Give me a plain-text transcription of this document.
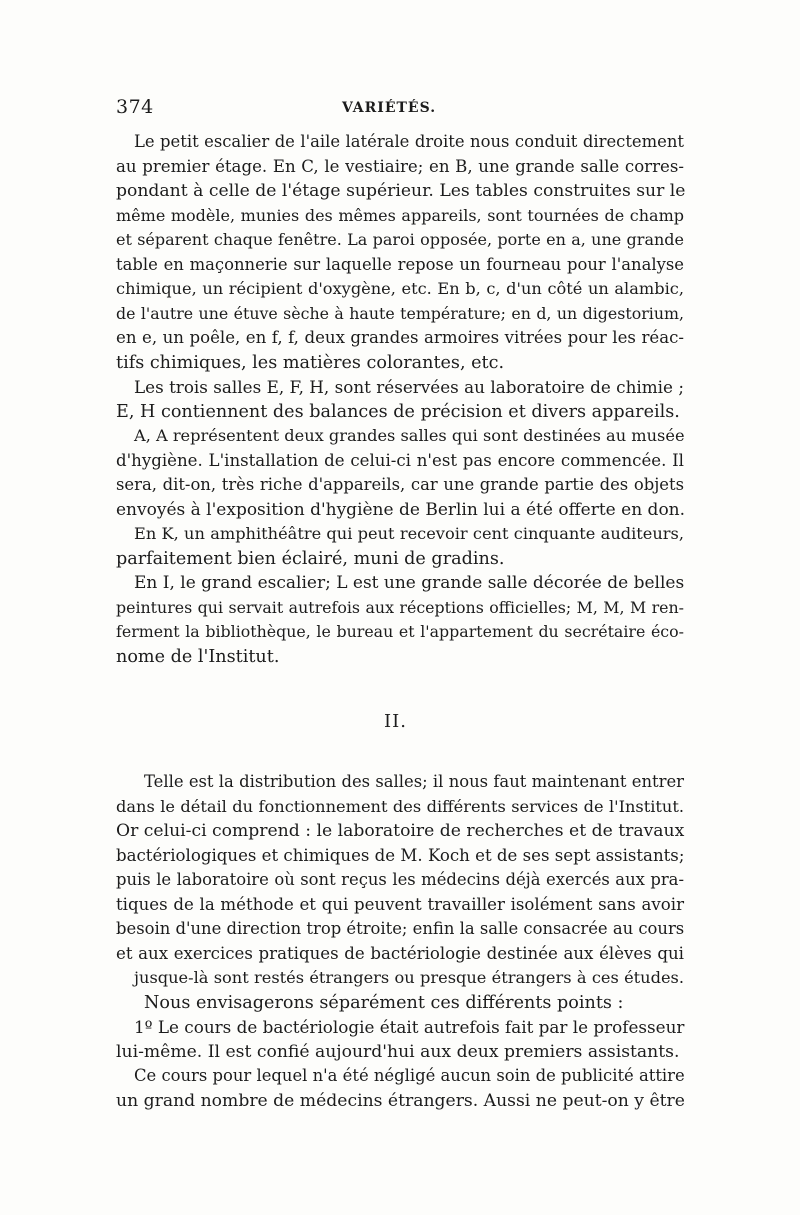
374	VARIÉTÉS.
Le petit escalier de l'aile latérale droite nous conduit directement
au premier étage. En C, le vestiaire; en B, une grande salle corres-
pondant à celle de l'étage supérieur. Les tables construites sur le
même modèle, munies des mêmes appareils, sont tournées de champ
et séparent chaque fenêtre. La paroi opposée, porte en a, une grande
table en maçonnerie sur laquelle repose un fourneau pour l'analyse
chimique, un récipient d'oxygène, etc. En b, c, d'un côté un alambic,
de l'autre une étuve sèche à haute température; en d, un digestorium,
en e, un poêle, en f, f, deux grandes armoires vitrées pour les réac-
tifs chimiques, les matières colorantes, etc.
Les trois salles E, F, H, sont réservées au laboratoire de chimie ;
E, H contiennent des balances de précision et divers appareils.
A, A représentent deux grandes salles qui sont destinées au musée
d'hygiène. L'installation de celui-ci n'est pas encore commencée. Il
sera, dit-on, très riche d'appareils, car une grande partie des objets
envoyés à l'exposition d'hygiène de Berlin lui a été offerte en don.
En K, un amphithéâtre qui peut recevoir cent cinquante auditeurs,
parfaitement bien éclairé, muni de gradins.
En I, le grand escalier; L est une grande salle décorée de belles
peintures qui servait autrefois aux réceptions officielles; M, M, M ren-
ferment la bibliothèque, le bureau et l'appartement du secrétaire éco-
nome de l'Institut.
II.
Telle est la distribution des salles; il nous faut maintenant entrer
dans le détail du fonctionnement des différents services de l'Institut.
Or celui-ci comprend : le laboratoire de recherches et de travaux
bactériologiques et chimiques de M. Koch et de ses sept assistants;
puis le laboratoire où sont reçus les médecins déjà exercés aux pra-
tiques de la méthode et qui peuvent travailler isolément sans avoir
besoin d'une direction trop étroite; enfin la salle consacrée au cours
et aux exercices pratiques de bactériologie destinée aux élèves qui
jusque-là sont restés étrangers ou presque étrangers à ces études.
Nous envisagerons séparément ces différents points :
1º Le cours de bactériologie était autrefois fait par le professeur
lui-même. Il est confié aujourd'hui aux deux premiers assistants.
Ce cours pour lequel n'a été négligé aucun soin de publicité attire
un grand nombre de médecins étrangers. Aussi ne peut-on y être
